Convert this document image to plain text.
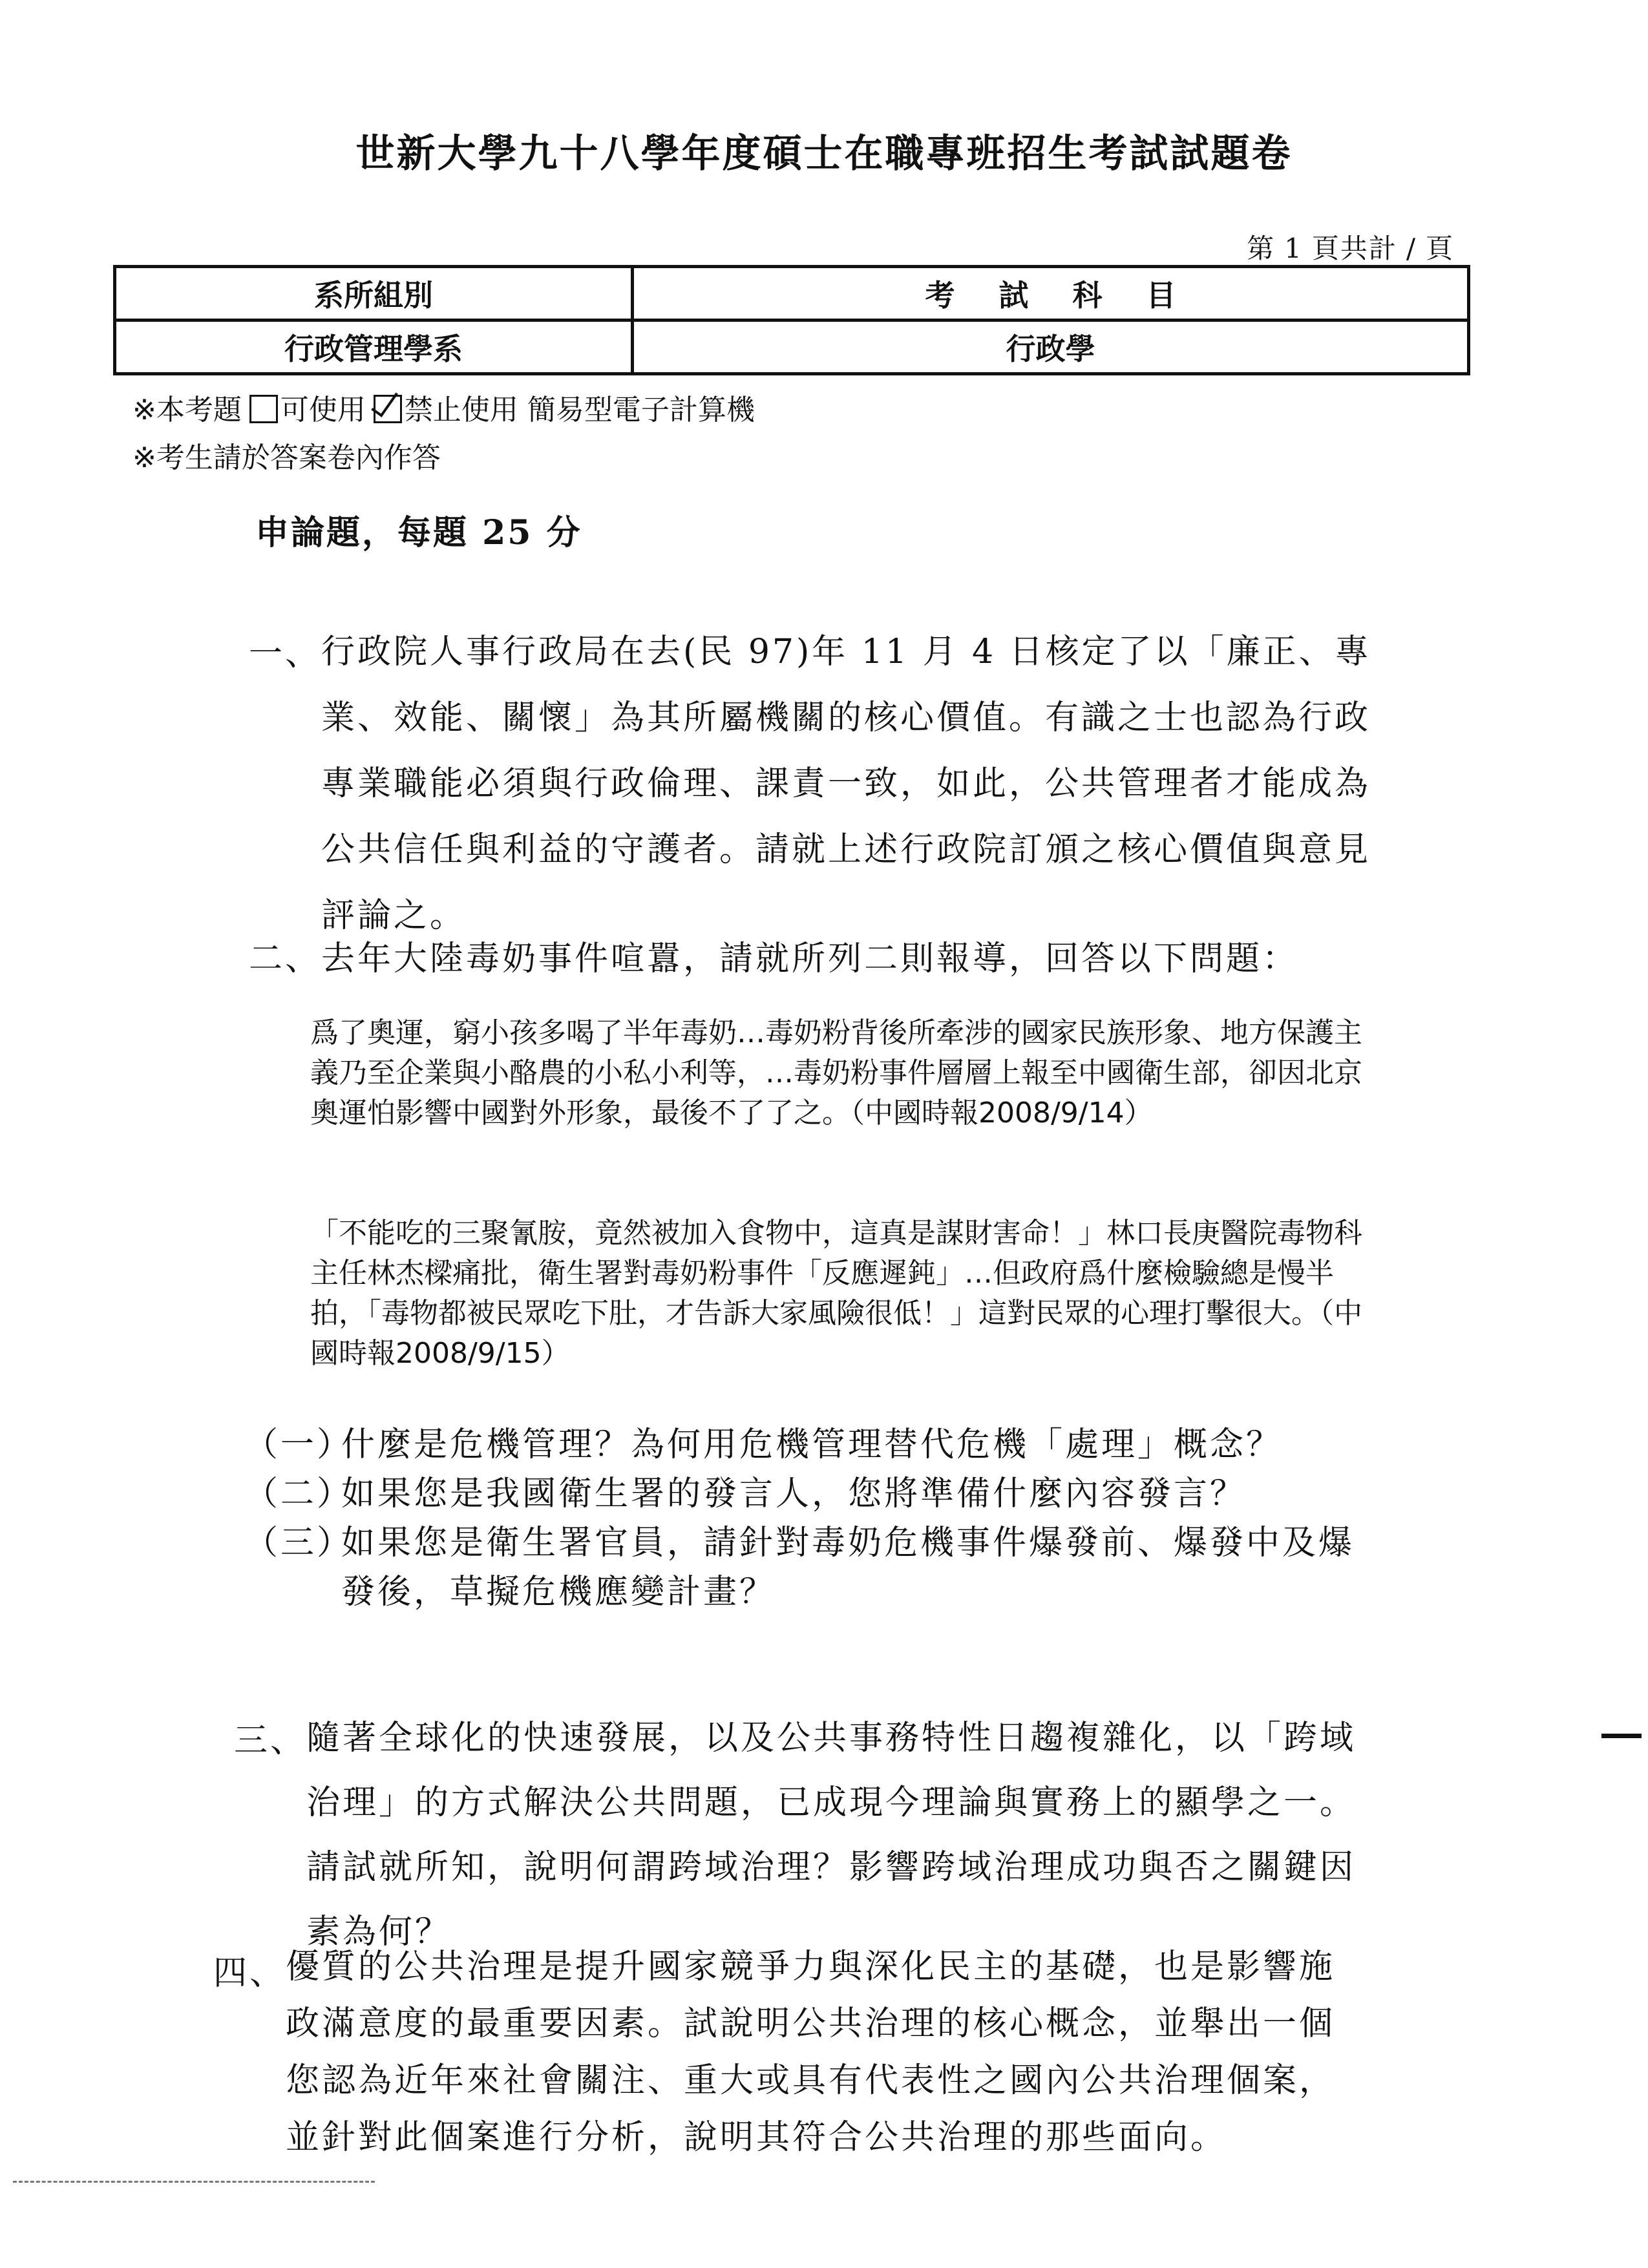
世新大學九十八學年度碩士在職專班招生考試試題卷
第 1 頁共計 / 頁
系所組別	考 試 科 目
行政管理學系	行政學
※本考題 可使用 禁止使用 簡易型電子計算機
※考生請於答案卷內作答
申論題，每題 25 分
一、 行政院人事行政局在去(民 97)年 11 月 4 日核定了以「廉正、專業、效能、關懷」為其所屬機關的核心價值。有識之士也認為行政專業職能必須與行政倫理、課責一致，如此，公共管理者才能成為公共信任與利益的守護者。請就上述行政院訂頒之核心價值與意見評論之。
二、 去年大陸毒奶事件喧囂，請就所列二則報導，回答以下問題：
爲了奧運，窮小孩多喝了半年毒奶…毒奶粉背後所牽涉的國家民族形象、地方保護主義乃至企業與小酪農的小私小利等，…毒奶粉事件層層上報至中國衛生部，卻因北京奧運怕影響中國對外形象，最後不了了之。（中國時報2008/9/14）
「不能吃的三聚氰胺，竟然被加入食物中，這真是謀財害命！」林口長庚醫院毒物科主任林杰樑痛批，衛生署對毒奶粉事件「反應遲鈍」…但政府爲什麼檢驗總是慢半拍，「毒物都被民眾吃下肚，才告訴大家風險很低！」這對民眾的心理打擊很大。（中國時報2008/9/15）
（一）
什麼是危機管理？為何用危機管理替代危機「處理」概念？
（二）
如果您是我國衛生署的發言人，您將準備什麼內容發言？
（三）
如果您是衛生署官員，請針對毒奶危機事件爆發前、爆發中及爆發後，草擬危機應變計畫？
三、 隨著全球化的快速發展，以及公共事務特性日趨複雜化，以「跨域治理」的方式解決公共問題，已成現今理論與實務上的顯學之一。請試就所知，說明何謂跨域治理？影響跨域治理成功與否之關鍵因素為何？
四、 優質的公共治理是提升國家競爭力與深化民主的基礎，也是影響施政滿意度的最重要因素。試說明公共治理的核心概念，並舉出一個您認為近年來社會關注、重大或具有代表性之國內公共治理個案，並針對此個案進行分析，說明其符合公共治理的那些面向。
